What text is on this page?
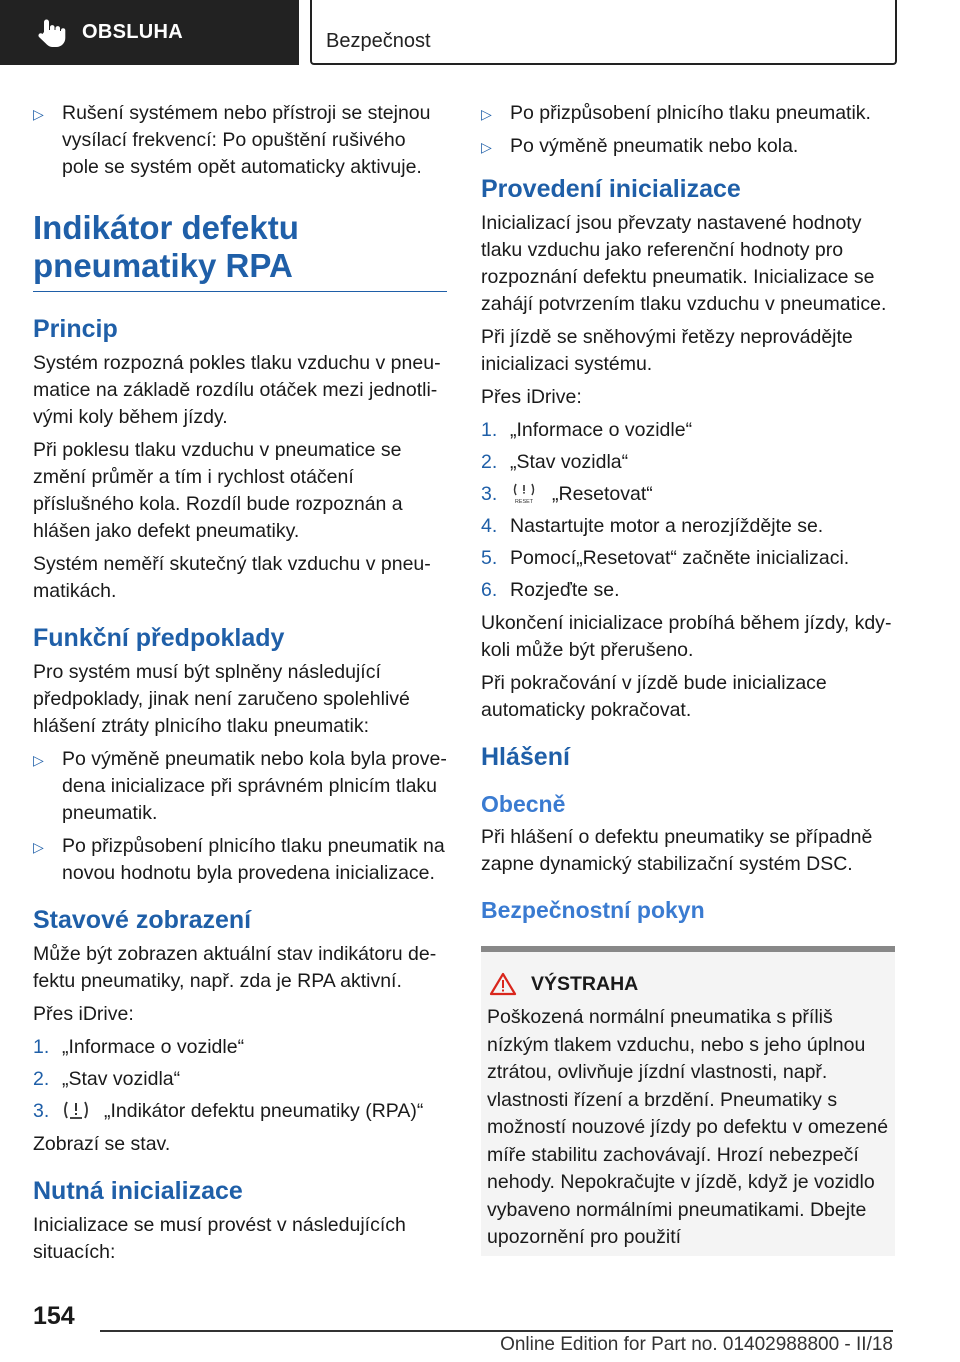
OBSLUHA	Bezpečnost
▷ Rušení systémem nebo přístroji se stejnou vysílací frekvencí: Po opuštění rušivého pole se systém opět automaticky aktivuje.
Indikátor defektu pneumatiky RPA
Princip

Systém rozpozná pokles tlaku vzduchu v pneumatice na základě rozdílu otáček mezi jednotlivými koly během jízdy.

Při poklesu tlaku vzduchu v pneumatice se změní průměr a tím i rychlost otáčení příslušného kola. Rozdíl bude rozpoznán a hlášen jako defekt pneumatiky.

Systém neměří skutečný tlak vzduchu v pneumatikách.

Funkční předpoklady

Pro systém musí být splněny následující předpoklady, jinak není zaručeno spolehlivé hlášení ztráty plnicího tlaku pneumatik:

▷ Po výměně pneumatik nebo kola byla provedena inicializace při správném plnicím tlaku pneumatik.
▷ Po přizpůsobení plnicího tlaku pneumatik na novou hodnotu byla provedena inicializace.
Stavové zobrazení

Může být zobrazen aktuální stav indikátoru defektu pneumatiky, např. zda je RPA aktivní.

Přes iDrive:

1. „Informace o vozidle“
2. „Stav vozidla“
3.	„Indikátor defektu pneumatiky (RPA)“

Zobrazí se stav.

Nutná inicializace

Inicializace se musí provést v následujících situacích:

▷ Po přizpůsobení plnicího tlaku pneumatik.
▷ Po výměně pneumatik nebo kola.
Provedení inicializace

Inicializací jsou převzaty nastavené hodnoty tlaku vzduchu jako referenční hodnoty pro rozpoznání defektu pneumatik. Inicializace se zahájí potvrzením tlaku vzduchu v pneumatice.

Při jízdě se sněhovými řetězy neprovádějte inicializaci systému.

Přes iDrive:

1. „Informace o vozidle“
2. „Stav vozidla“
3.	RESET „Resetovat“
4. Nastartujte motor a nerozjíždějte se.
5. Pomocí„Resetovat“ začněte inicializaci.
6. Rozjeďte se.

Ukončení inicializace probíhá během jízdy, kdykoli může být přerušeno.

Při pokračování v jízdě bude inicializace automaticky pokračovat.

Hlášení
Obecně

Při hlášení o defektu pneumatiky se případně zapne dynamický stabilizační systém DSC.

Bezpečnostní pokyn
VÝSTRAHA

Poškozená normální pneumatika s příliš nízkým tlakem vzduchu, nebo s jeho úplnou ztrátou, ovlivňuje jízdní vlastnosti, např. vlastnosti řízení a brzdění. Pneumatiky s možností nouzové jízdy po defektu v omezené míře stabilitu zachovávají. Hrozí nebezpečí nehody. Nepokračujte v jízdě, když je vozidlo vybaveno normálními pneumatikami. Dbejte upozornění pro použití

154
Online Edition for Part no. 01402988800 - II/18
